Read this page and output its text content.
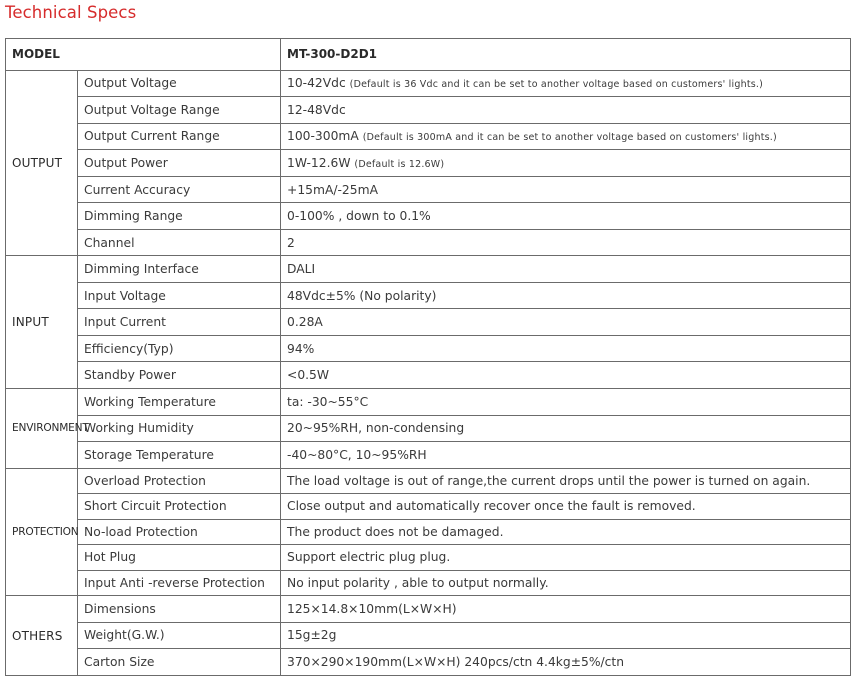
Technical Specs
MODEL		MT-300-D2D1
OUTPUT	Output Voltage	10-42Vdc (Default is 36 Vdc and it can be set to another voltage based on customers' lights.)
	Output Voltage Range	12-48Vdc
	Output Current Range	100-300mA (Default is 300mA and it can be set to another voltage based on customers' lights.)
	Output Power	1W-12.6W (Default is 12.6W)
	Current Accuracy	+15mA/-25mA
	Dimming Range	0-100% , down to 0.1%
	Channel	2
INPUT	Dimming Interface	DALI
	Input Voltage	48Vdc±5% (No polarity)
	Input Current	0.28A
	Efficiency(Typ)	94%
	Standby Power	<0.5W
ENVIRONMENT	Working Temperature	ta: -30~55°C
	Working Humidity	20~95%RH, non-condensing
	Storage Temperature	-40~80°C, 10~95%RH
PROTECTION	Overload Protection	The load voltage is out of range,the current drops until the power is turned on again.
	Short Circuit Protection	Close output and automatically recover once the fault is removed.
	No-load Protection	The product does not be damaged.
	Hot Plug	Support electric plug plug.
	Input Anti -reverse Protection	No input polarity , able to output normally.
OTHERS	Dimensions	125×14.8×10mm(L×W×H)
	Weight(G.W.)	15g±2g
	Carton Size	370×290×190mm(L×W×H) 240pcs/ctn 4.4kg±5%/ctn
